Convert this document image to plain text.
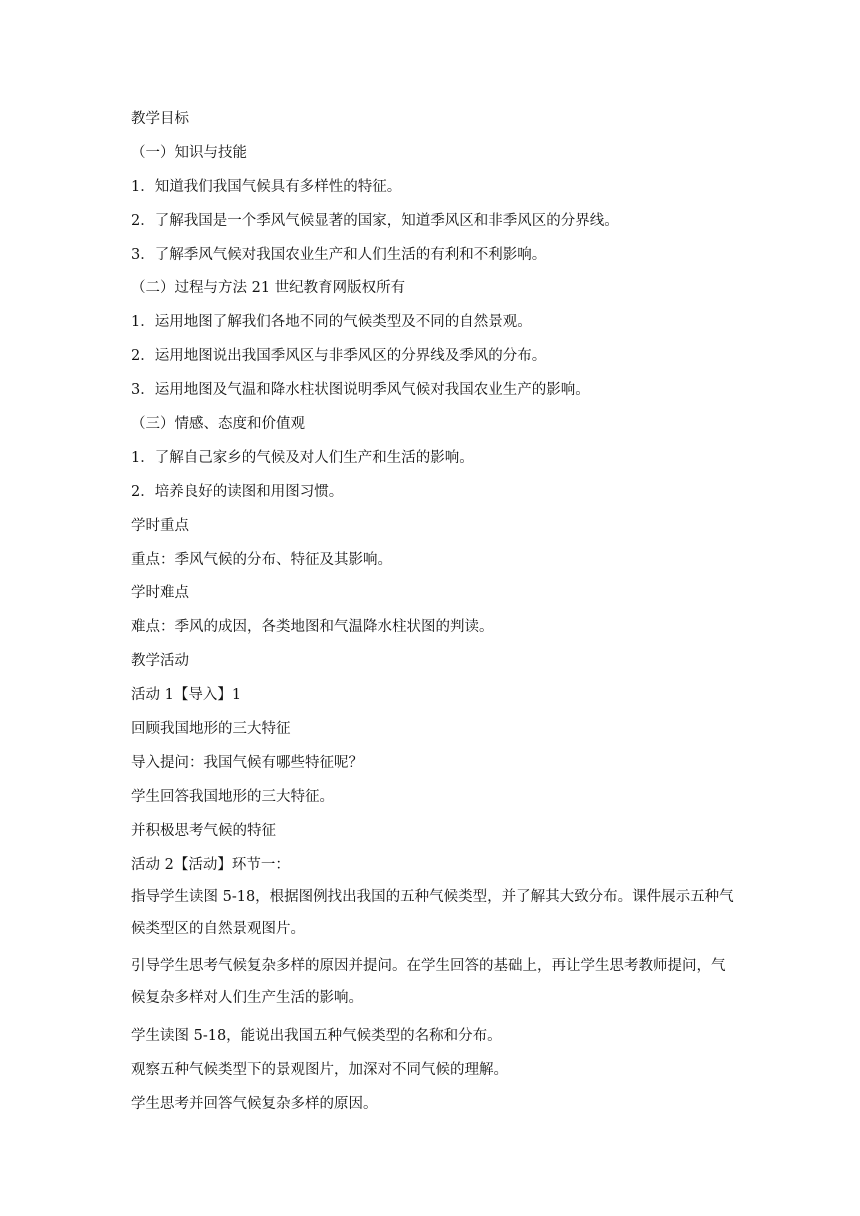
教学目标

（一）知识与技能

1．知道我们我国气候具有多样性的特征。

2．了解我国是一个季风气候显著的国家，知道季风区和非季风区的分界线。

3．了解季风气候对我国农业生产和人们生活的有利和不利影响。

（二）过程与方法 21 世纪教育网版权所有

1．运用地图了解我们各地不同的气候类型及不同的自然景观。

2．运用地图说出我国季风区与非季风区的分界线及季风的分布。

3．运用地图及气温和降水柱状图说明季风气候对我国农业生产的影响。

（三）情感、态度和价值观

1．了解自己家乡的气候及对人们生产和生活的影响。

2．培养良好的读图和用图习惯。

学时重点

重点：季风气候的分布、特征及其影响。

学时难点

难点：季风的成因，各类地图和气温降水柱状图的判读。

教学活动

活动 1【导入】1

回顾我国地形的三大特征

导入提问：我国气候有哪些特征呢？

学生回答我国地形的三大特征。

并积极思考气候的特征

活动 2【活动】环节一：

指导学生读图 5-18，根据图例找出我国的五种气候类型，并了解其大致分布。课件展示五种气候类型区的自然景观图片。

引导学生思考气候复杂多样的原因并提问。在学生回答的基础上，再让学生思考教师提问，气候复杂多样对人们生产生活的影响。

学生读图 5-18，能说出我国五种气候类型的名称和分布。

观察五种气候类型下的景观图片，加深对不同气候的理解。

学生思考并回答气候复杂多样的原因。
